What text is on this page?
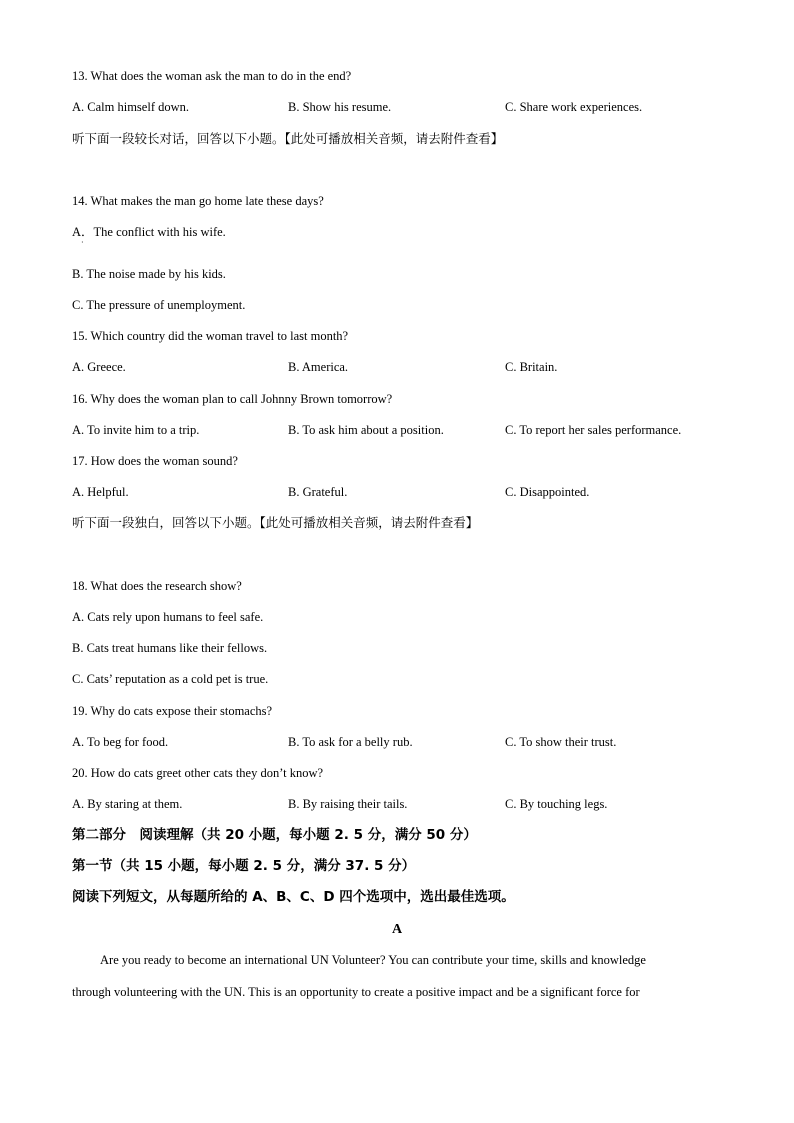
13. What does the woman ask the man to do in the end?
A. Calm himself down.	B. Show his resume.	C. Share work experiences.
听下面一段较长对话，回答以下小题。【此处可播放相关音频，请去附件查看】
14. What makes the man go home late these days?
A．The conflict with his wife.
·
B. The noise made by his kids.
C. The pressure of unemployment.
15. Which country did the woman travel to last month?
A. Greece.	B. America.	C. Britain.
16. Why does the woman plan to call Johnny Brown tomorrow?
A. To invite him to a trip.	B. To ask him about a position.	C. To report her sales performance.
17. How does the woman sound?
A. Helpful.	B. Grateful.	C. Disappointed.
听下面一段独白，回答以下小题。【此处可播放相关音频，请去附件查看】
18. What does the research show?
A. Cats rely upon humans to feel safe.
B. Cats treat humans like their fellows.
C. Cats’ reputation as a cold pet is true.
19. Why do cats expose their stomachs?
A. To beg for food.	B. To ask for a belly rub.	C. To show their trust.
20. How do cats greet other cats they don’t know?
A. By staring at them.	B. By raising their tails.	C. By touching legs.
第二部分　阅读理解（共 20 小题，每小题 2. 5 分，满分 50 分）
第一节（共 15 小题，每小题 2. 5 分，满分 37. 5 分）
阅读下列短文，从每题所给的 A、B、C、D 四个选项中，选出最佳选项。
A
Are you ready to become an international UN Volunteer? You can contribute your time, skills and knowledge
through volunteering with the UN. This is an opportunity to create a positive impact and be a significant force for
